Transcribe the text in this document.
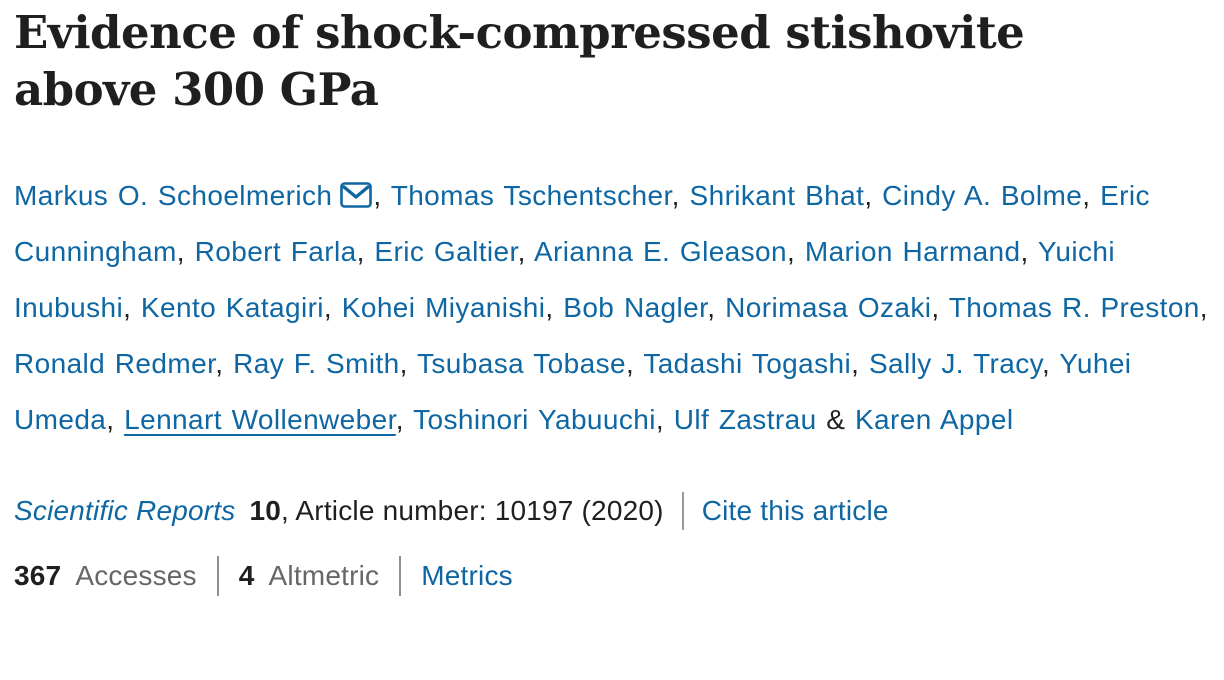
Evidence of shock-compressed stishovite
above 300 GPa
Markus O. Schoelmerich , Thomas Tschentscher, Shrikant Bhat, Cindy A. Bolme, Eric Cunningham, Robert Farla, Eric Galtier, Arianna E. Gleason, Marion Harmand, Yuichi Inubushi, Kento Katagiri, Kohei Miyanishi, Bob Nagler, Norimasa Ozaki, Thomas R. Preston, Ronald Redmer, Ray F. Smith, Tsubasa Tobase, Tadashi Togashi, Sally J. Tracy, Yuhei Umeda, Lennart Wollenweber, Toshinori Yabuuchi, Ulf Zastrau & Karen Appel
Scientific Reports 10 , Article number: 10197 (2020) Cite this article
367 Accesses 4 Altmetric Metrics
